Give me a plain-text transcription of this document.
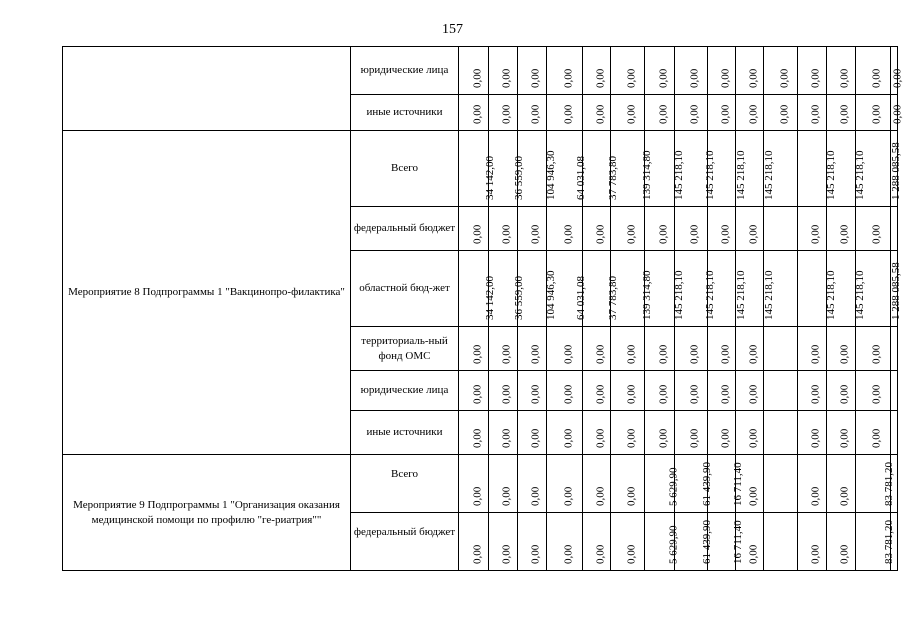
157
	юридические лица	0,00	0,00	0,00	0,00	0,00	0,00	0,00	0,00	0,00	0,00	0,00	0,00	0,00	0,00	0,00

	иные источники	0,00	0,00	0,00	0,00	0,00	0,00	0,00	0,00	0,00	0,00	0,00	0,00	0,00	0,00	0,00

Мероприятие 8 Подпрограммы 1 "Вакцинопро-филактика"	Всего	34 142,00	36 559,00	104 946,30	64 031,08	37 783,80	139 314,80	145 218,10	145 218,10	145 218,10	145 218,10		145 218,10	145 218,10	1 288 085,58	

	федеральный бюджет	0,00	0,00	0,00	0,00	0,00	0,00	0,00	0,00	0,00	0,00		0,00	0,00	0,00	

	областной бюд-жет	34 142,00	36 559,00	104 946,30	64 031,08	37 783,80	139 314,80	145 218,10	145 218,10	145 218,10	145 218,10		145 218,10	145 218,10	1 288 085,58	

	территориаль-ный фонд ОМС	0,00	0,00	0,00	0,00	0,00	0,00	0,00	0,00	0,00	0,00		0,00	0,00	0,00	

	юридические лица	0,00	0,00	0,00	0,00	0,00	0,00	0,00	0,00	0,00	0,00		0,00	0,00	0,00	

	иные источники	0,00	0,00	0,00	0,00	0,00	0,00	0,00	0,00	0,00	0,00		0,00	0,00	0,00	

Мероприятие 9 Подпрограммы 1 "Организация оказания медицинской помощи по профилю "ге-риатрия""	Всего	0,00	0,00	0,00	0,00	0,00	0,00	5 629,90	61 439,90	16 711,40	0,00		0,00	0,00	83 781,20	

	федеральный бюджет	0,00	0,00	0,00	0,00	0,00	0,00	5 629,90	61 439,90	16 711,40	0,00		0,00	0,00	83 781,20	
